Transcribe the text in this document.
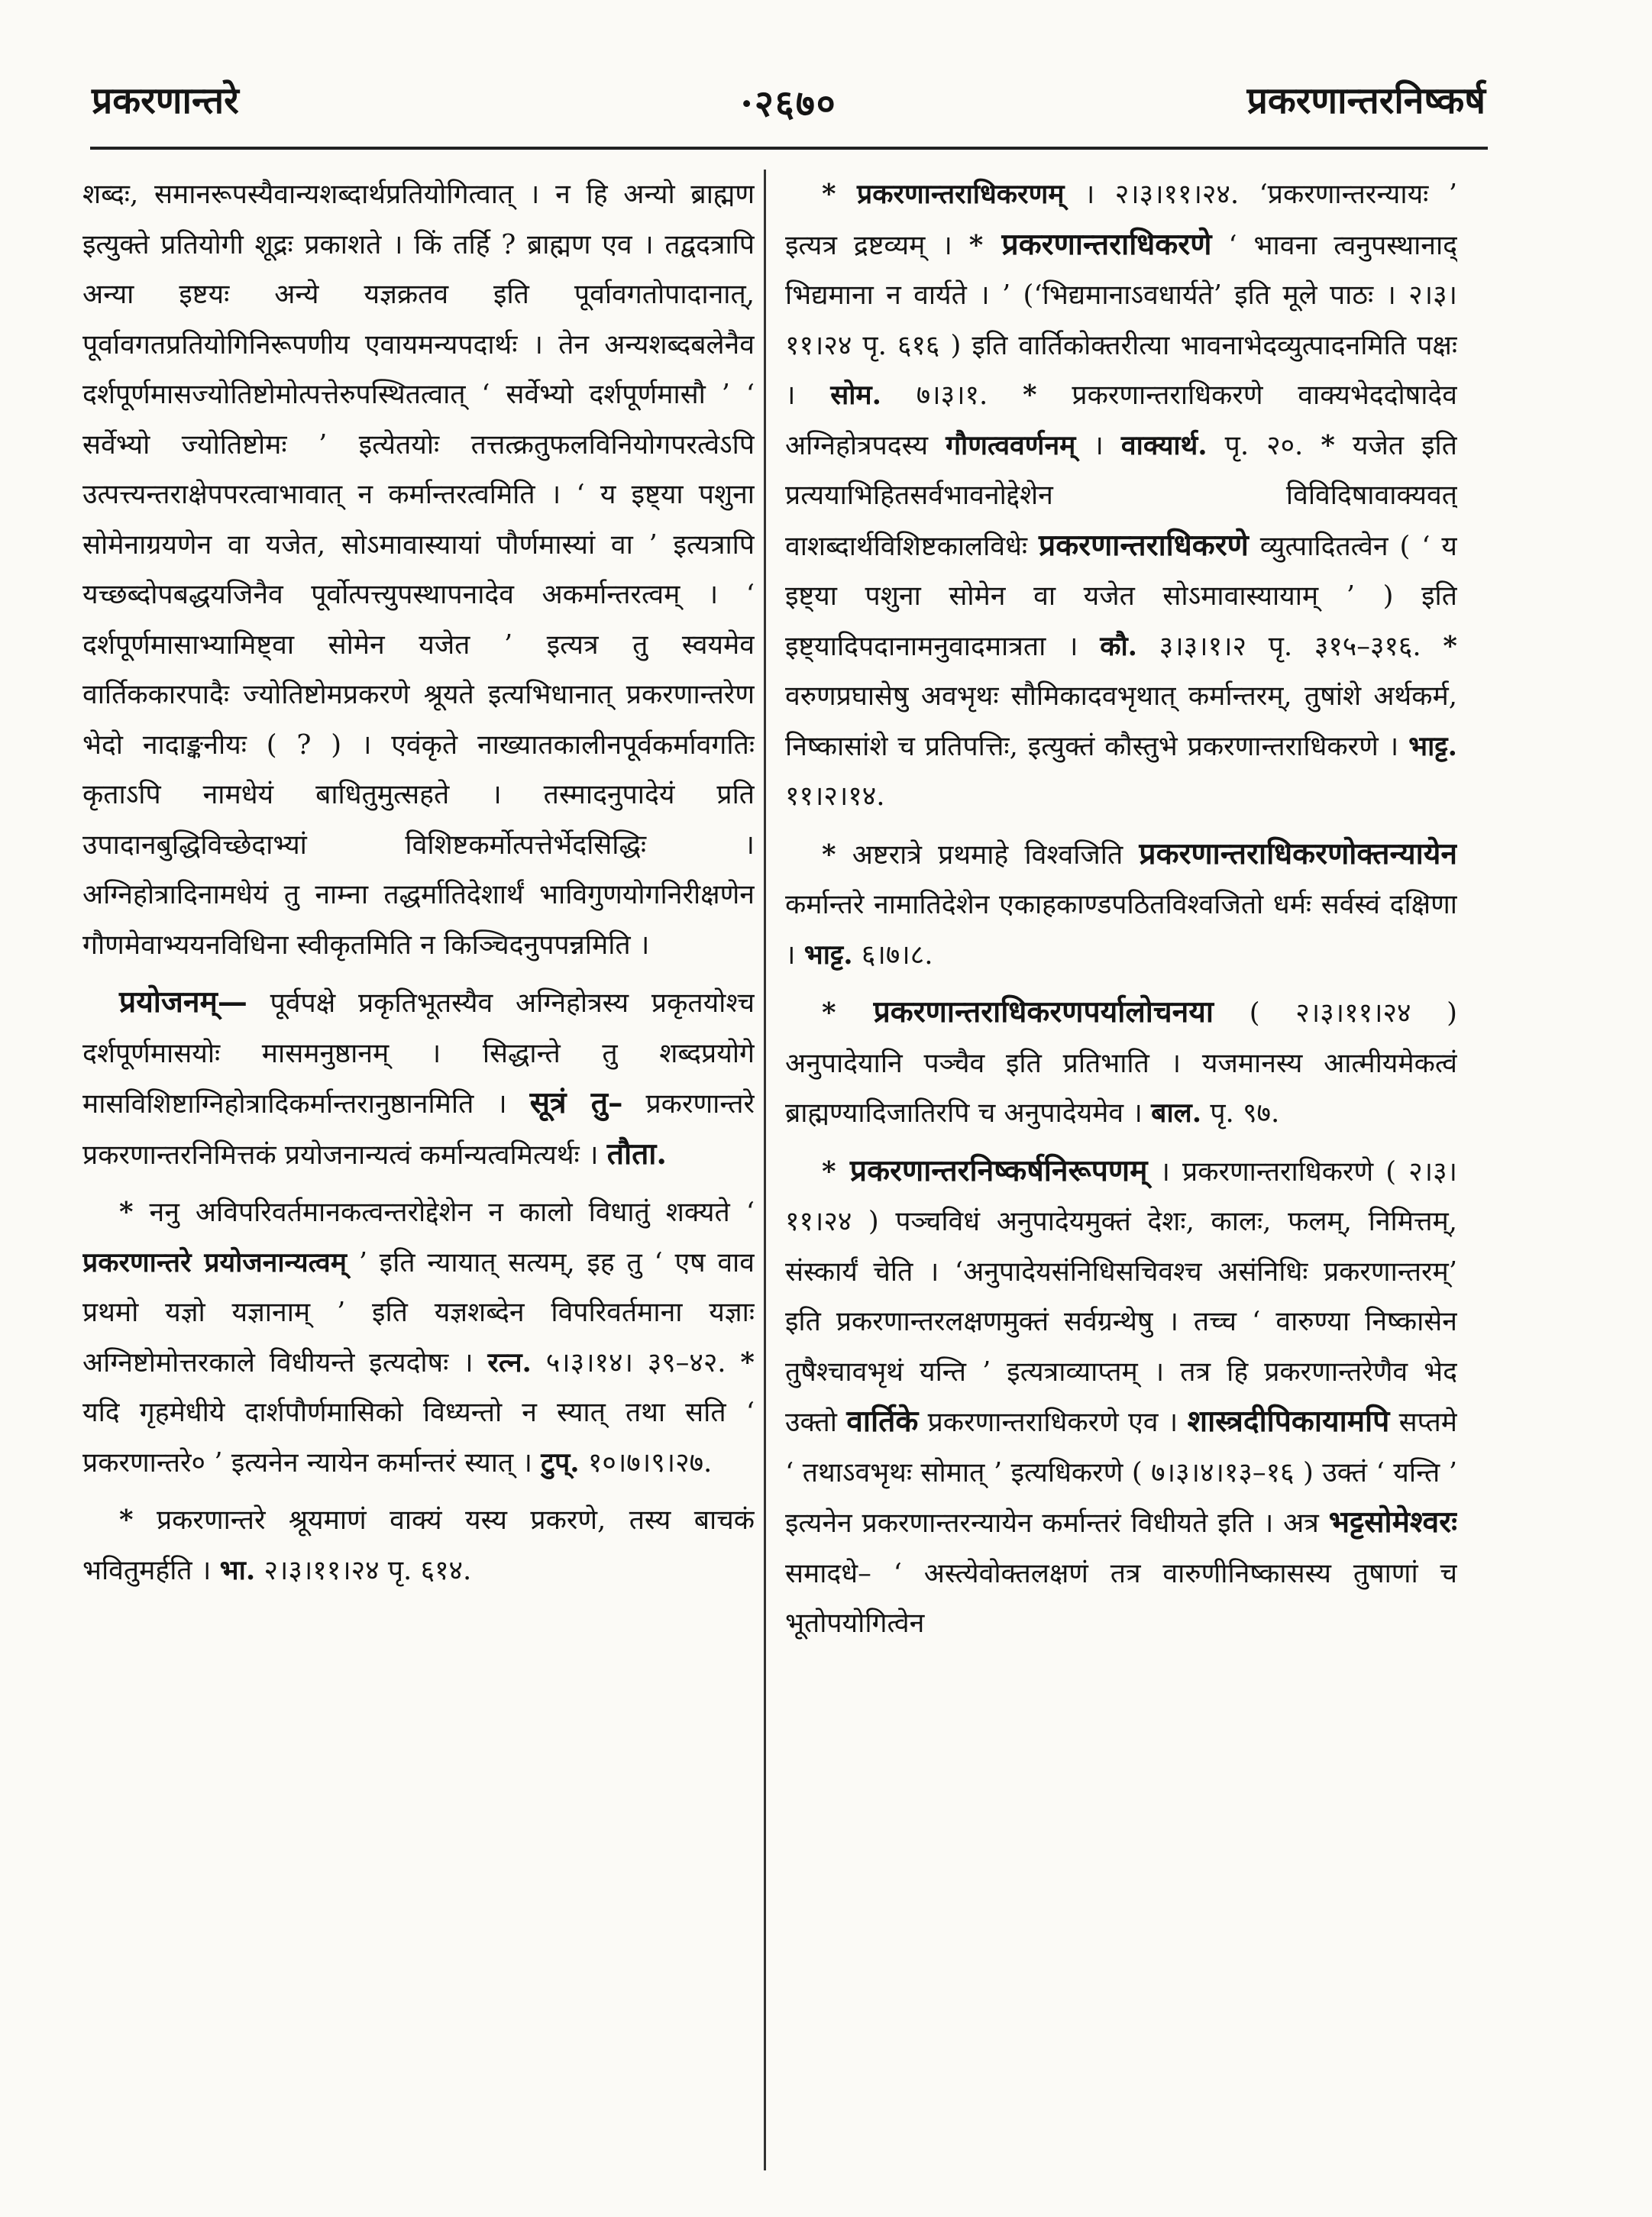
प्रकरणान्तरे	·२६७०	प्रकरणान्तरनिष्कर्ष

शब्दः, समानरूपस्यैवान्यशब्दार्थप्रतियोगित्वात् । न हि अन्यो ब्राह्मण इत्युक्ते प्रतियोगी शूद्रः प्रकाशते । किं तर्हि ? ब्राह्मण एव । तद्वदत्रापि अन्या इष्टयः अन्ये यज्ञक्रतव इति पूर्वावगतोपादानात्, पूर्वावगतप्रतियोगिनिरूपणीय एवायमन्यपदार्थः । तेन अन्यशब्दबलेनैव दर्शपूर्णमासज्योतिष्टोमोत्पत्तेरुपस्थितत्वात् ‘ सर्वेभ्यो दर्शपूर्णमासौ ’ ‘ सर्वेभ्यो ज्योतिष्टोमः ’ इत्येतयोः तत्तत्क्रतुफलविनियोगपरत्वेऽपि उत्पत्त्यन्तराक्षेपपरत्वाभावात् न कर्मान्तरत्वमिति । ‘ य इष्ट्या पशुना सोमेनाग्रयणेन वा यजेत, सोऽमावास्यायां पौर्णमास्यां वा ’ इत्यत्रापि यच्छब्दोपबद्धयजिनैव पूर्वोत्पत्त्युपस्थापनादेव अकर्मान्तरत्वम् । ‘ दर्शपूर्णमासाभ्यामिष्ट्वा सोमेन यजेत ’ इत्यत्र तु स्वयमेव वार्तिककारपादैः ज्योतिष्टोमप्रकरणे श्रूयते इत्यभिधानात् प्रकरणान्तरेण भेदो नादाङ्कनीयः ( ? ) । एवंकृते नाख्यातकालीनपूर्वकर्मावगतिः कृताऽपि नामधेयं बाधितुमुत्सहते । तस्मादनुपादेयं प्रति उपादानबुद्धिविच्छेदाभ्यां विशिष्टकर्मोत्पत्तेर्भेदसिद्धिः । अग्निहोत्रादिनामधेयं तु नाम्ना तद्धर्मातिदेशार्थं भाविगुणयोगनिरीक्षणेन गौणमेवाभ्ययनविधिना स्वीकृतमिति न किञ्चिदनुपपन्नमिति ।

प्रयोजनम्— पूर्वपक्षे प्रकृतिभूतस्यैव अग्निहोत्रस्य प्रकृतयोश्च दर्शपूर्णमासयोः मासमनुष्ठानम् । सिद्धान्ते तु शब्दप्रयोगे मासविशिष्टाग्निहोत्रादिकर्मान्तरानुष्ठानमिति । सूत्रं तु– प्रकरणान्तरे प्रकरणान्तरनिमित्तकं प्रयोजनान्यत्वं कर्मान्यत्वमित्यर्थः । तौता.

* ननु अविपरिवर्तमानकत्वन्तरोद्देशेन न कालो विधातुं शक्यते ‘ प्रकरणान्तरे प्रयोजनान्यत्वम् ’ इति न्यायात् सत्यम्, इह तु ‘ एष वाव प्रथमो यज्ञो यज्ञानाम् ’ इति यज्ञशब्देन विपरिवर्तमाना यज्ञाः अग्निष्टोमोत्तरकाले विधीयन्ते इत्यदोषः । रत्न. ५।३।१४। ३९–४२. * यदि गृहमेधीये दार्शपौर्णमासिको विध्यन्तो न स्यात् तथा सति ‘ प्रकरणान्तरे० ’ इत्यनेन न्यायेन कर्मान्तरं स्यात् । टुप्. १०।७।९।२७.

* प्रकरणान्तरे श्रूयमाणं वाक्यं यस्य प्रकरणे, तस्य बाचकं भवितुमर्हति । भा. २।३।११।२४ पृ. ६१४.

* प्रकरणान्तराधिकरणम् । २।३।११।२४. ‘प्रकरणान्तरन्यायः ’ इत्यत्र द्रष्टव्यम् । * प्रकरणान्तराधिकरणे ‘ भावना त्वनुपस्थानाद् भिद्यमाना न वार्यते । ’ (‘भिद्यमानाऽवधार्यते’ इति मूले पाठः । २।३।११।२४ पृ. ६१६ ) इति वार्तिकोक्तरीत्या भावनाभेदव्युत्पादनमिति पक्षः । सोम. ७।३।१. * प्रकरणान्तराधिकरणे वाक्यभेददोषादेव अग्निहोत्रपदस्य गौणत्ववर्णनम् । वाक्यार्थ. पृ. २०. * यजेत इति प्रत्ययाभिहितसर्वभावनोद्देशेन विविदिषावाक्यवत् वाशब्दार्थविशिष्टकालविधेः प्रकरणान्तराधिकरणे व्युत्पादितत्वेन ( ‘ य इष्ट्या पशुना सोमेन वा यजेत सोऽमावास्यायाम् ’ ) इति इष्ट्यादिपदानामनुवादमात्रता । कौ. ३।३।१।२ पृ. ३१५–३१६. * वरुणप्रघासेषु अवभृथः सौमिकादवभृथात् कर्मान्तरम्, तुषांशे अर्थकर्म, निष्कासांशे च प्रतिपत्तिः, इत्युक्तं कौस्तुभे प्रकरणान्तराधिकरणे । भाट्ट. ११।२।१४.

* अष्टरात्रे प्रथमाहे विश्वजिति प्रकरणान्तराधिकरणोक्तन्यायेन कर्मान्तरे नामातिदेशेन एकाहकाण्डपठितविश्वजितो धर्मः सर्वस्वं दक्षिणा । भाट्ट. ६।७।८.

* प्रकरणान्तराधिकरणपर्यालोचनया ( २।३।११।२४ ) अनुपादेयानि पञ्चैव इति प्रतिभाति । यजमानस्य आत्मीयमेकत्वं ब्राह्मण्यादिजातिरपि च अनुपादेयमेव । बाल. पृ. ९७.

* प्रकरणान्तरनिष्कर्षनिरूपणम् । प्रकरणान्तराधिकरणे ( २।३।११।२४ ) पञ्चविधं अनुपादेयमुक्तं देशः, कालः, फलम्, निमित्तम्, संस्कार्यं चेति । ‘अनुपादेयसंनिधिसचिवश्च असंनिधिः प्रकरणान्तरम्’ इति प्रकरणान्तरलक्षणमुक्तं सर्वग्रन्थेषु । तच्च ‘ वारुण्या निष्कासेन तुषैश्चावभृथं यन्ति ’ इत्यत्राव्याप्तम् । तत्र हि प्रकरणान्तरेणैव भेद उक्तो वार्तिके प्रकरणान्तराधिकरणे एव । शास्त्रदीपिकायामपि सप्तमे ‘ तथाऽवभृथः सोमात् ’ इत्यधिकरणे ( ७।३।४।१३–१६ ) उक्तं ‘ यन्ति ’ इत्यनेन प्रकरणान्तरन्यायेन कर्मान्तरं विधीयते इति । अत्र भट्टसोमेश्वरः समादधे– ‘ अस्त्येवोक्तलक्षणं तत्र वारुणीनिष्कासस्य तुषाणां च भूतोपयोगित्वेन
